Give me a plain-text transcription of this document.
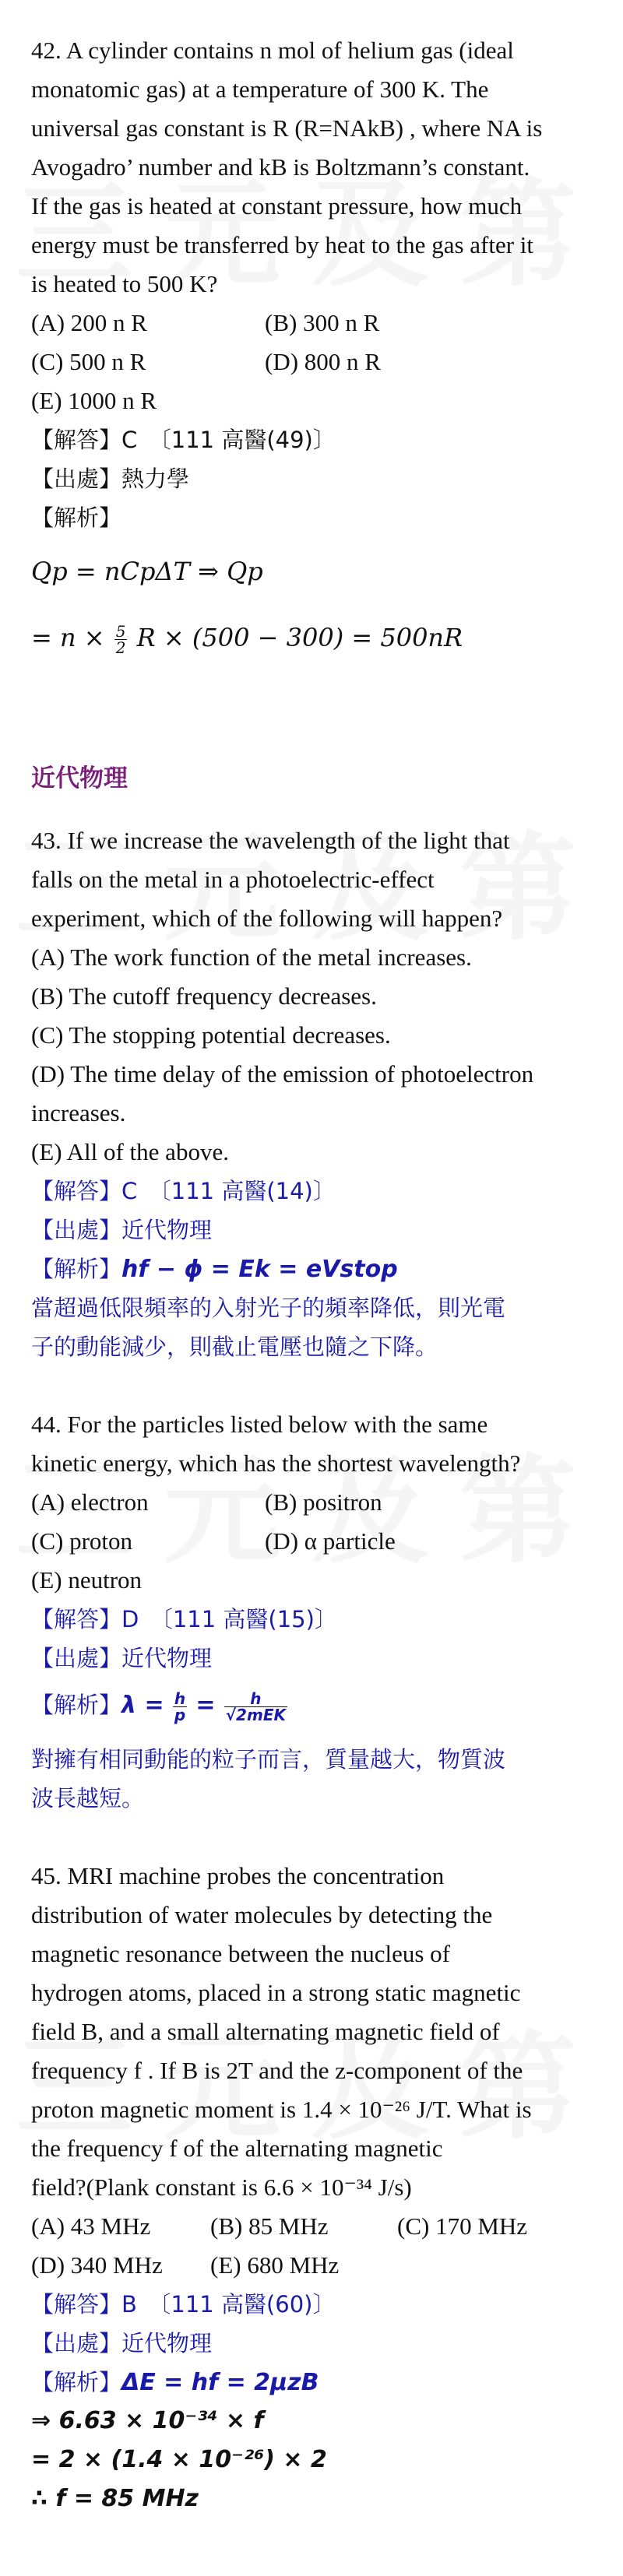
42. A cylinder contains n mol of helium gas (ideal
monatomic gas) at a temperature of 300 K. The
universal gas constant is R (R=NAkB) , where NA is
Avogadro’ number and kB is Boltzmann’s constant.
If the gas is heated at constant pressure, how much
energy must be transferred by heat to the gas after it
is heated to 500 K?
(A) 200 n R	(B) 300 n R
(C) 500 n R	(D) 800 n R
(E) 1000 n R
【解答】C　〔111 高醫(49)〕
【出處】熱力學
【解析】
Qp = nCpΔT ⇒ Qp
= $n \times \frac{5}{2}$ R × (500 − 300) = 500nR
近代物理
43. If we increase the wavelength of the light that
falls on the metal in a photoelectric-effect
experiment, which of the following will happen?
(A) The work function of the metal increases.
(B) The cutoff frequency decreases.
(C) The stopping potential decreases.
(D) The time delay of the emission of photoelectron
increases.
(E) All of the above.
【解答】C　〔111 高醫(14)〕
【出處】近代物理
【解析】hf − ϕ = Ek = eVstop
當超過低限頻率的入射光子的頻率降低，則光電
子的動能減少，則截止電壓也隨之下降。
44. For the particles listed below with the same
kinetic energy, which has the shortest wavelength?
(A) electron	(B) positron
(C) proton	(D) α particle
(E) neutron
【解答】D　〔111 高醫(15)〕
【出處】近代物理
【解析】$\lambda = \frac{h}{p} = \frac{h}{\text{√2mEK}}$
對擁有相同動能的粒子而言，質量越大，物質波
波長越短。
45. MRI machine probes the concentration
distribution of water molecules by detecting the
magnetic resonance between the nucleus of
hydrogen atoms, placed in a strong static magnetic
field B, and a small alternating magnetic field of
frequency f . If B is 2T and the z-component of the
proton magnetic moment is 1.4 × 10⁻²⁶ J/T. What is
the frequency f of the alternating magnetic
field?(Plank constant is 6.6 × 10⁻³⁴ J/s)
(A) 43 MHz (B) 85 MHz	(C) 170 MHz
(D) 340 MHz (E) 680 MHz
【解答】B　〔111 高醫(60)〕
【出處】近代物理
【解析】ΔE = hf = 2μzB
⇒ 6.63 × 10⁻³⁴ × f
= 2 × (1.4 × 10⁻²⁶) × 2
∴ f = 85 MHz
